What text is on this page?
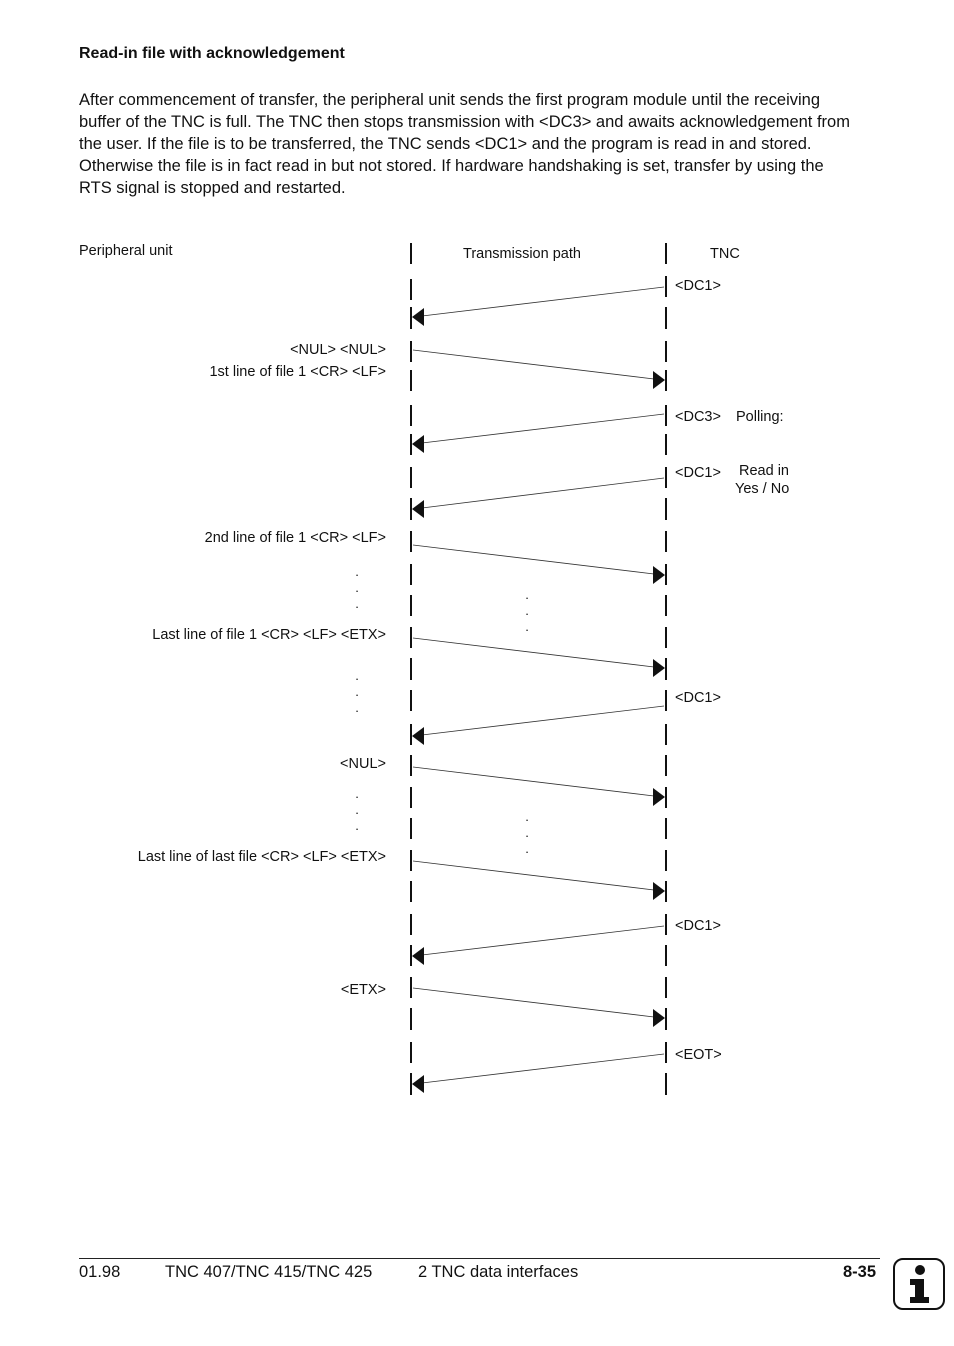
Read-in file with acknowledgement

After commencement of transfer, the peripheral unit sends the first program module until the receiving buffer of the TNC is full. The TNC then stops transmission with <DC3> and awaits acknowledgement from the user. If the file is to be transferred, the TNC sends <DC1> and the program is read in and stored. Otherwise the file is in fact read in but not stored. If hardware handshaking is set, transfer by using the RTS signal is stopped and restarted.

Peripheral unit	Transmission path	TNC
<NUL> <NUL>
1st line of file 1 <CR> <LF>
2nd line of file 1 <CR> <LF>
Last line of file 1 <CR> <LF> <ETX>
<NUL>
Last line of last file <CR> <LF> <ETX>
<ETX>
<DC1>
<DC3> Polling:
<DC1> Read in
Yes / No
<DC1>
<DC1>
<EOT>
.
.
.
.
.
.
.
.
.
.
.
.
.
.
.
01.98	TNC 407/TNC 415/TNC 425	2 TNC data interfaces	8-35
